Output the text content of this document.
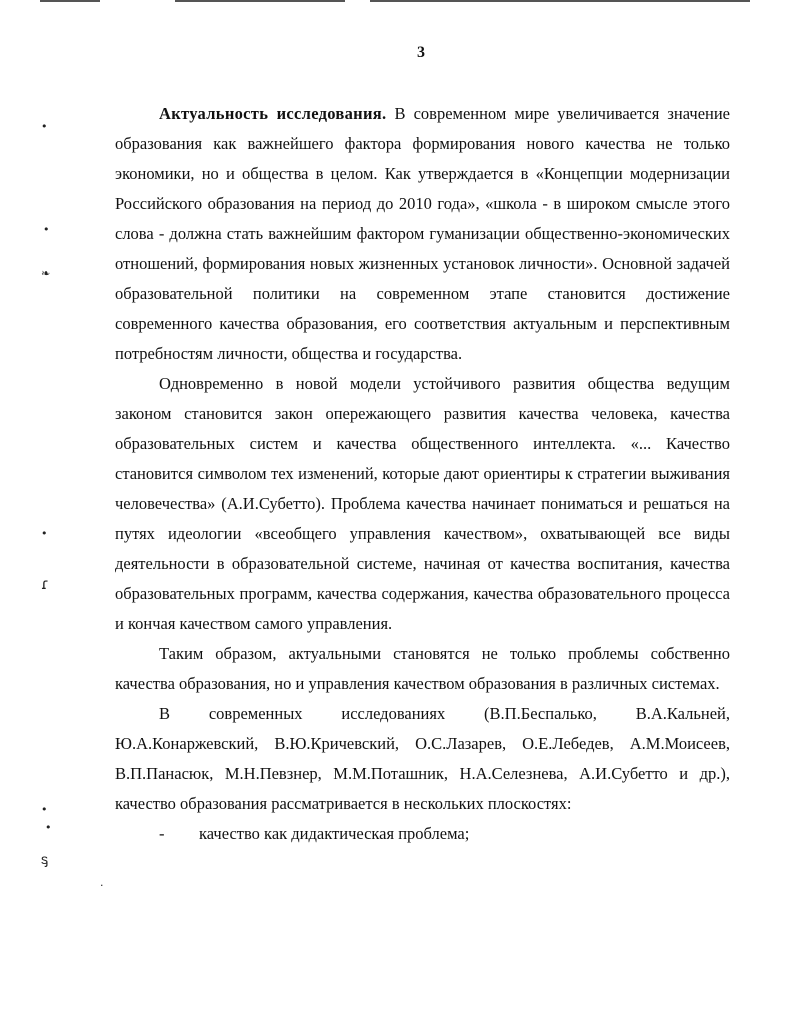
3
•
•
❧
•
ɾ
•
•
ᶊ
·

Актуальность исследования. В современном мире увеличивается значение образования как важнейшего фактора формирования нового качества не только экономики, но и общества в целом. Как утверждается в «Концепции модернизации Российского образования на период до 2010 года», «школа - в широком смысле этого слова - должна стать важнейшим фактором гуманизации общественно-экономических отношений, формирования новых жизненных установок личности». Основной задачей образовательной политики на современном этапе становится достижение современного качества образования, его соответствия актуальным и перспективным потребностям личности, общества и государства.

Одновременно в новой модели устойчивого развития общества ведущим законом становится закон опережающего развития качества человека, качества образовательных систем и качества общественного интеллекта. «... Качество становится символом тех изменений, которые дают ориентиры к стратегии выживания человечества» (А.И.Субетто). Проблема качества начинает пониматься и решаться на путях идеологии «всеобщего управления качеством», охватывающей все виды деятельности в образовательной системе, начиная от качества воспитания, качества образовательных программ, качества содержания, качества образовательного процесса и кончая качеством самого управления.

Таким образом, актуальными становятся не только проблемы собственно качества образования, но и управления качеством образования в различных системах.

В современных исследованиях (В.П.Беспалько, В.А.Кальней, Ю.А.Конаржевский, В.Ю.Кричевский, О.С.Лазарев, О.Е.Лебедев, А.М.Моисеев, В.П.Панасюк, М.Н.Певзнер, М.М.Поташник, Н.А.Селезнева, А.И.Субетто и др.), качество образования рассматривается в нескольких плоскостях:

- качество как дидактическая проблема;
